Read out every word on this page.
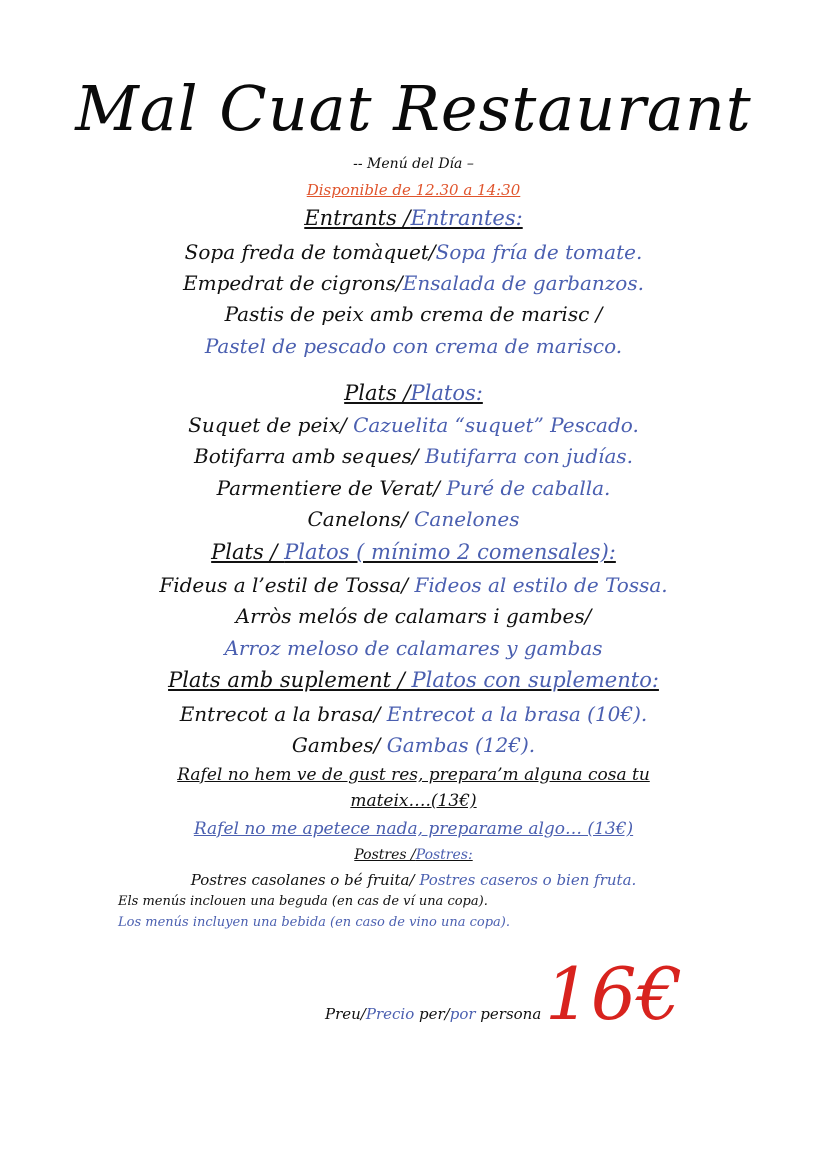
Mal Cuat Restaurant
-- Menú del Día –
Disponible de 12.30 a 14:30
Entrants /Entrantes:
Sopa freda de tomàquet/Sopa fría de tomate.
Empedrat de cigrons/Ensalada de garbanzos.
Pastis de peix amb crema de marisc /
Pastel de pescado con crema de marisco.
Plats /Platos:
Suquet de peix/ Cazuelita “suquet” Pescado.
Botifarra amb seques/ Butifarra con judías.
Parmentiere de Verat/ Puré de caballa.
Canelons/ Canelones
Plats / Platos ( mínimo 2 comensales):
Fideus a l’estil de Tossa/ Fideos al estilo de Tossa.
Arròs melós de calamars i gambes/
Arroz meloso de calamares y gambas
Plats amb suplement / Platos con suplemento:
Entrecot a la brasa/ Entrecot a la brasa (10€).
Gambes/ Gambas (12€).
Rafel no hem ve de gust res, prepara’m alguna cosa tu
mateix….(13€)
Rafel no me apetece nada, preparame algo… (13€)
Postres /Postres:
Postres casolanes o bé fruita/ Postres caseros o bien fruta.
Els menús inclouen una beguda (en cas de ví una copa).
Los menús incluyen una bebida (en caso de vino una copa).
Preu/Precio per/por persona 16€
